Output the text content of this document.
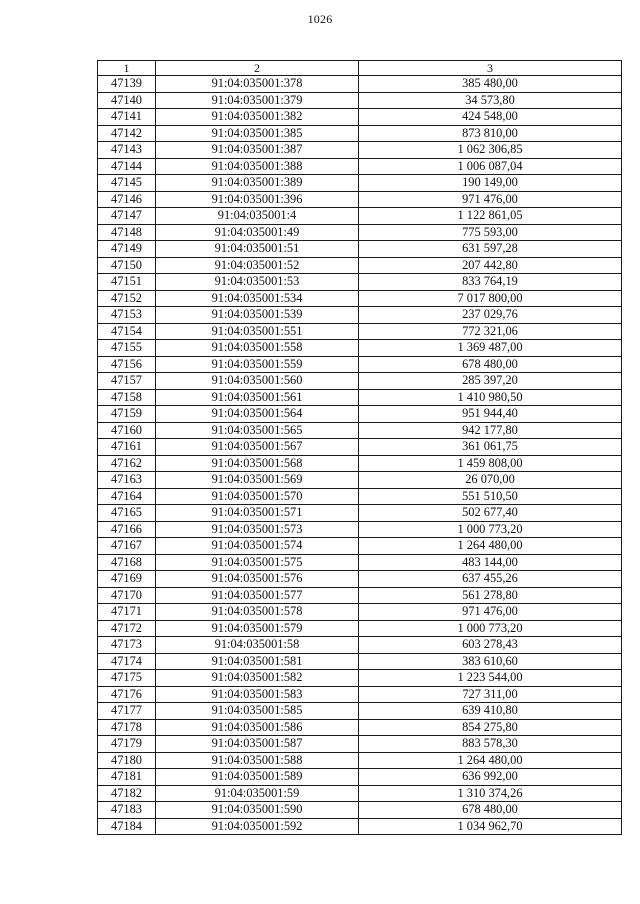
1026
1	2	3
47139	91:04:035001:378	385 480,00
47140	91:04:035001:379	34 573,80
47141	91:04:035001:382	424 548,00
47142	91:04:035001:385	873 810,00
47143	91:04:035001:387	1 062 306,85
47144	91:04:035001:388	1 006 087,04
47145	91:04:035001:389	190 149,00
47146	91:04:035001:396	971 476,00
47147	91:04:035001:4	1 122 861,05
47148	91:04:035001:49	775 593,00
47149	91:04:035001:51	631 597,28
47150	91:04:035001:52	207 442,80
47151	91:04:035001:53	833 764,19
47152	91:04:035001:534	7 017 800,00
47153	91:04:035001:539	237 029,76
47154	91:04:035001:551	772 321,06
47155	91:04:035001:558	1 369 487,00
47156	91:04:035001:559	678 480,00
47157	91:04:035001:560	285 397,20
47158	91:04:035001:561	1 410 980,50
47159	91:04:035001:564	951 944,40
47160	91:04:035001:565	942 177,80
47161	91:04:035001:567	361 061,75
47162	91:04:035001:568	1 459 808,00
47163	91:04:035001:569	26 070,00
47164	91:04:035001:570	551 510,50
47165	91:04:035001:571	502 677,40
47166	91:04:035001:573	1 000 773,20
47167	91:04:035001:574	1 264 480,00
47168	91:04:035001:575	483 144,00
47169	91:04:035001:576	637 455,26
47170	91:04:035001:577	561 278,80
47171	91:04:035001:578	971 476,00
47172	91:04:035001:579	1 000 773,20
47173	91:04:035001:58	603 278,43
47174	91:04:035001:581	383 610,60
47175	91:04:035001:582	1 223 544,00
47176	91:04:035001:583	727 311,00
47177	91:04:035001:585	639 410,80
47178	91:04:035001:586	854 275,80
47179	91:04:035001:587	883 578,30
47180	91:04:035001:588	1 264 480,00
47181	91:04:035001:589	636 992,00
47182	91:04:035001:59	1 310 374,26
47183	91:04:035001:590	678 480,00
47184	91:04:035001:592	1 034 962,70
